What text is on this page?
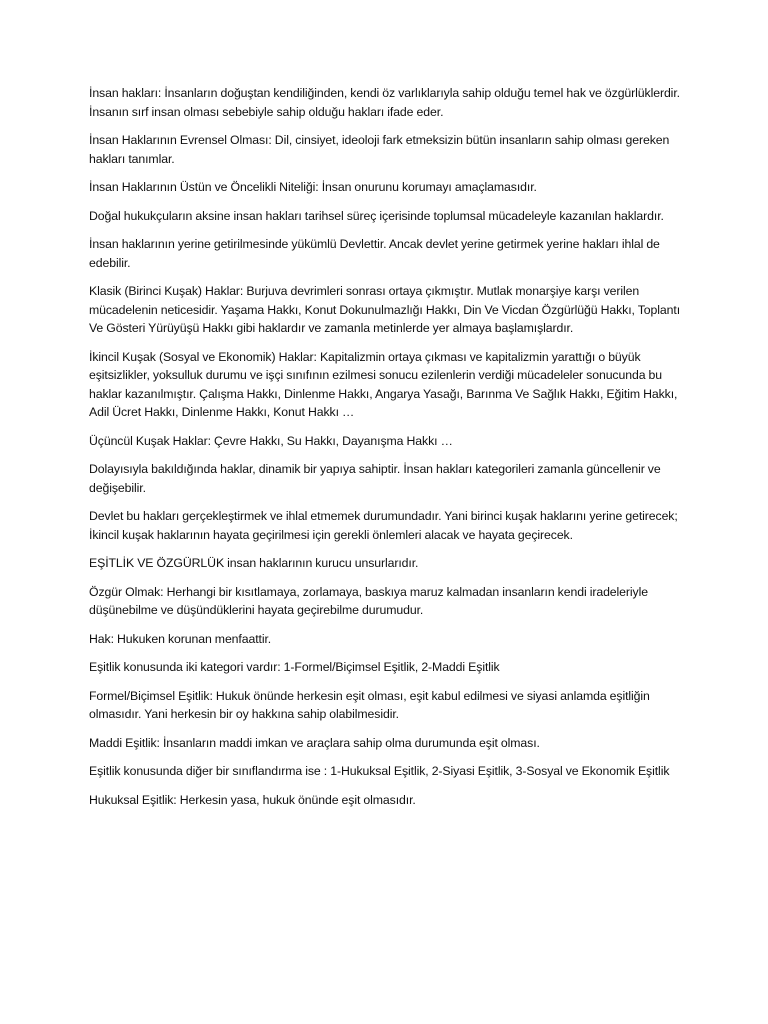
İnsan hakları: İnsanların doğuştan kendiliğinden, kendi öz varlıklarıyla sahip olduğu temel hak ve özgürlüklerdir. İnsanın sırf insan olması sebebiyle sahip olduğu hakları ifade eder.

İnsan Haklarının Evrensel Olması: Dil, cinsiyet, ideoloji fark etmeksizin bütün insanların sahip olması gereken hakları tanımlar.

İnsan Haklarının Üstün ve Öncelikli Niteliği: İnsan onurunu korumayı amaçlamasıdır.

Doğal hukukçuların aksine insan hakları tarihsel süreç içerisinde toplumsal mücadeleyle kazanılan haklardır.

İnsan haklarının yerine getirilmesinde yükümlü Devlettir. Ancak devlet yerine getirmek yerine hakları ihlal de edebilir.

Klasik (Birinci Kuşak) Haklar: Burjuva devrimleri sonrası ortaya çıkmıştır. Mutlak monarşiye karşı verilen mücadelenin neticesidir. Yaşama Hakkı, Konut Dokunulmazlığı Hakkı, Din Ve Vicdan Özgürlüğü Hakkı, Toplantı Ve Gösteri Yürüyüşü Hakkı gibi haklardır ve zamanla metinlerde yer almaya başlamışlardır.

İkincil Kuşak (Sosyal ve Ekonomik) Haklar: Kapitalizmin ortaya çıkması ve kapitalizmin yarattığı o büyük eşitsizlikler, yoksulluk durumu ve işçi sınıfının ezilmesi sonucu ezilenlerin verdiği mücadeleler sonucunda bu haklar kazanılmıştır. Çalışma Hakkı, Dinlenme Hakkı, Angarya Yasağı, Barınma Ve Sağlık Hakkı, Eğitim Hakkı, Adil Ücret Hakkı, Dinlenme Hakkı, Konut Hakkı …

Üçüncül Kuşak Haklar: Çevre Hakkı, Su Hakkı, Dayanışma Hakkı …

Dolayısıyla bakıldığında haklar, dinamik bir yapıya sahiptir. İnsan hakları kategorileri zamanla güncellenir ve değişebilir.

Devlet bu hakları gerçekleştirmek ve ihlal etmemek durumundadır. Yani birinci kuşak haklarını yerine getirecek; İkincil kuşak haklarının hayata geçirilmesi için gerekli önlemleri alacak ve hayata geçirecek.

EŞİTLİK VE ÖZGÜRLÜK insan haklarının kurucu unsurlarıdır.

Özgür Olmak: Herhangi bir kısıtlamaya, zorlamaya, baskıya maruz kalmadan insanların kendi iradeleriyle düşünebilme ve düşündüklerini hayata geçirebilme durumudur.

Hak: Hukuken korunan menfaattir.

Eşitlik konusunda iki kategori vardır: 1-Formel/Biçimsel Eşitlik, 2-Maddi Eşitlik

Formel/Biçimsel Eşitlik: Hukuk önünde herkesin eşit olması, eşit kabul edilmesi ve siyasi anlamda eşitliğin olmasıdır. Yani herkesin bir oy hakkına sahip olabilmesidir.

Maddi Eşitlik: İnsanların maddi imkan ve araçlara sahip olma durumunda eşit olması.

Eşitlik konusunda diğer bir sınıflandırma ise : 1-Hukuksal Eşitlik, 2-Siyasi Eşitlik, 3-Sosyal ve Ekonomik Eşitlik

Hukuksal Eşitlik: Herkesin yasa, hukuk önünde eşit olmasıdır.
